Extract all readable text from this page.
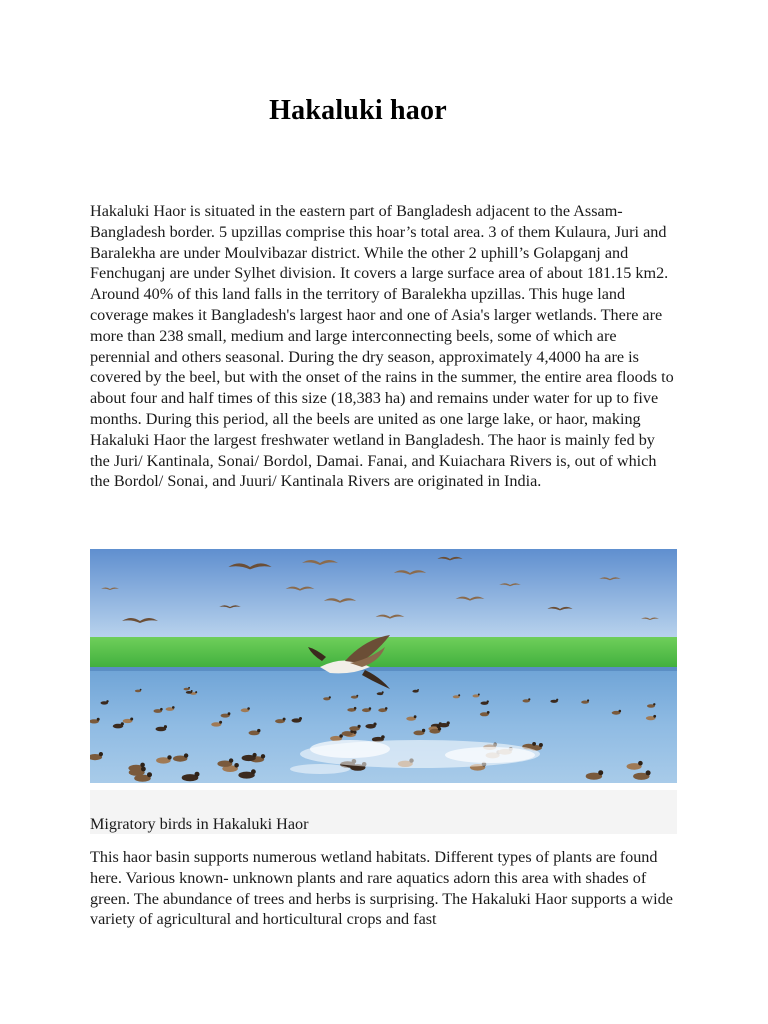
Hakaluki haor

Hakaluki Haor is situated in the eastern part of Bangladesh adjacent to the Assam-Bangladesh border. 5 upzillas comprise this hoar’s total area. 3 of them Kulaura, Juri and Baralekha are under Moulvibazar district. While the other 2 uphill’s Golapganj and Fenchuganj are under Sylhet division. It covers a large surface area of about 181.15 km2. Around 40% of this land falls in the territory of Baralekha upzillas. This huge land coverage makes it Bangladesh's largest haor and one of Asia's larger wetlands. There are more than 238 small, medium and large interconnecting beels, some of which are perennial and others seasonal. During the dry season, approximately 4,4000 ha are is covered by the beel, but with the onset of the rains in the summer, the entire area floods to about four and half times of this size (18,383 ha) and remains under water for up to five months. During this period, all the beels are united as one large lake, or haor, making Hakaluki Haor the largest freshwater wetland in Bangladesh. The haor is mainly fed by the Juri/ Kantinala, Sonai/ Bordol, Damai. Fanai, and Kuiachara Rivers is, out of which the Bordol/ Sonai, and Juuri/ Kantinala Rivers are originated in India.

Migratory birds in Hakaluki Haor

This haor basin supports numerous wetland habitats. Different types of plants are found here. Various known- unknown plants and rare aquatics adorn this area with shades of green. The abundance of trees and herbs is surprising. The Hakaluki Haor supports a wide variety of agricultural and horticultural crops and fast
